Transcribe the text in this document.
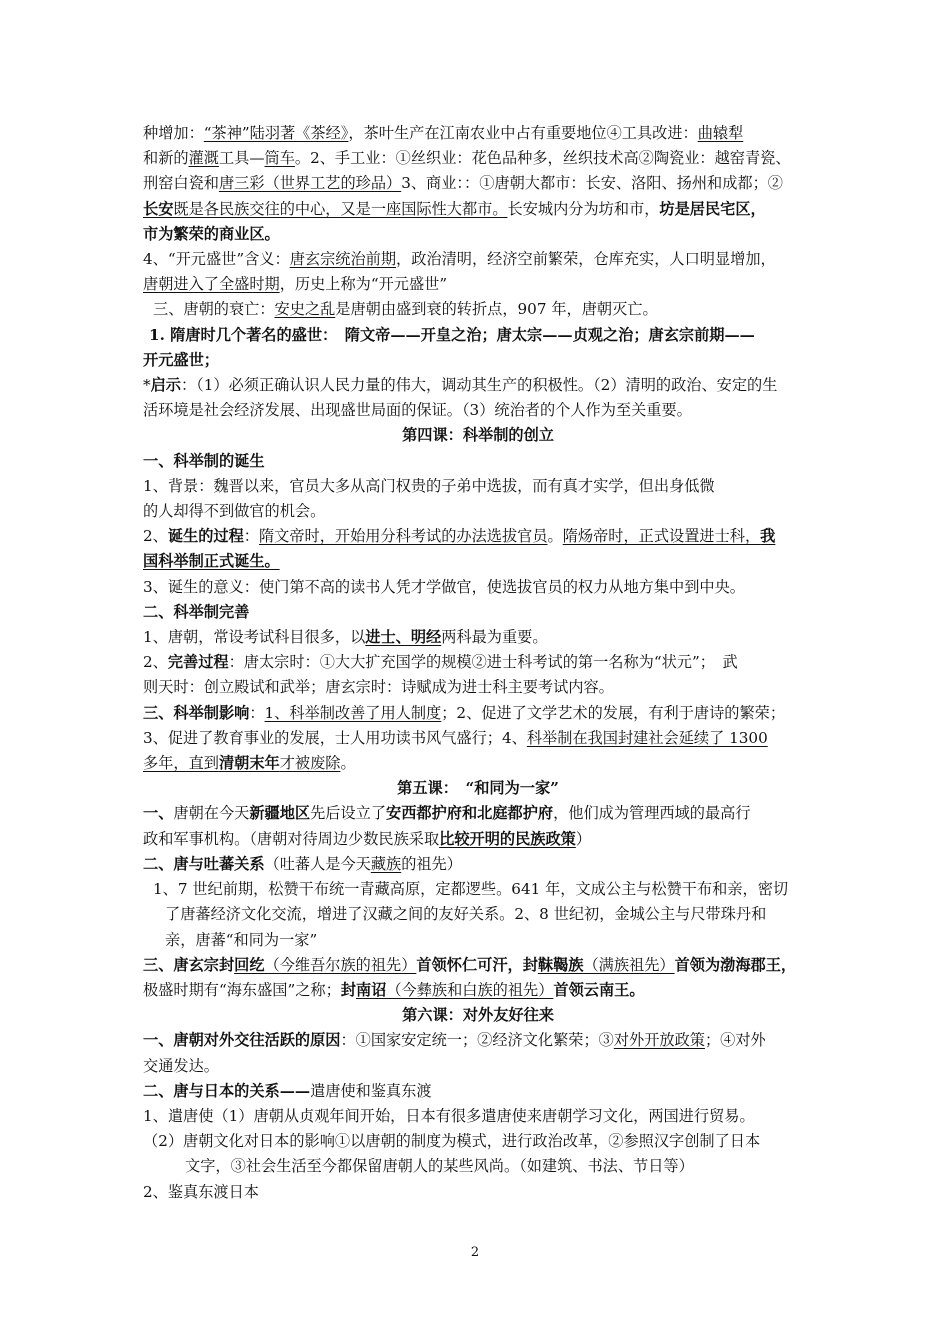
种增加：“茶神”陆羽著《茶经》，茶叶生产在江南农业中占有重要地位④工具改进：曲辕犁
和新的灌溉工具—筒车。2、手工业：①丝织业：花色品种多，丝织技术高②陶瓷业：越窑青瓷、
刑窑白瓷和唐三彩（世界工艺的珍品）3、商业：：①唐朝大都市：长安、洛阳、扬州和成都；②
长安既是各民族交往的中心，又是一座国际性大都市。长安城内分为坊和市，坊是居民宅区，
市为繁荣的商业区。
4、“开元盛世”含义：唐玄宗统治前期，政治清明，经济空前繁荣，仓库充实，人口明显增加，
唐朝进入了全盛时期，历史上称为“开元盛世”
三、唐朝的衰亡：安史之乱是唐朝由盛到衰的转折点，907 年，唐朝灭亡。
1. 隋唐时几个著名的盛世：　隋文帝——开皇之治；唐太宗——贞观之治；唐玄宗前期——
开元盛世；
*启示：（1）必须正确认识人民力量的伟大，调动其生产的积极性。（2）清明的政治、安定的生
活环境是社会经济发展、出现盛世局面的保证。（3）统治者的个人作为至关重要。
第四课：科举制的创立
一、科举制的诞生
1、背景：魏晋以来，官员大多从高门权贵的子弟中选拔，而有真才实学，但出身低微
的人却得不到做官的机会。
2、诞生的过程：隋文帝时，开始用分科考试的办法选拔官员。隋炀帝时，正式设置进士科，我
国科举制正式诞生。
3、诞生的意义：使门第不高的读书人凭才学做官，使选拔官员的权力从地方集中到中央。
二、科举制完善
1、唐朝，常设考试科目很多，以进士、明经两科最为重要。
2、完善过程：唐太宗时：①大大扩充国学的规模②进士科考试的第一名称为“状元”；　武
则天时：创立殿试和武举；唐玄宗时：诗赋成为进士科主要考试内容。
三、科举制影响：1、科举制改善了用人制度；2、促进了文学艺术的发展，有利于唐诗的繁荣；
3、促进了教育事业的发展，士人用功读书风气盛行；4、科举制在我国封建社会延续了 1300
多年，直到清朝末年才被废除。
第五课：　“和同为一家”
一、唐朝在今天新疆地区先后设立了安西都护府和北庭都护府，他们成为管理西域的最高行
政和军事机构。（唐朝对待周边少数民族采取比较开明的民族政策）
二、唐与吐蕃关系（吐蕃人是今天藏族的祖先）
1、7 世纪前期，松赞干布统一青藏高原，定都逻些。641 年，文成公主与松赞干布和亲，密切
了唐蕃经济文化交流，增进了汉藏之间的友好关系。2、8 世纪初，金城公主与尺带珠丹和
亲，唐蕃“和同为一家”
三、唐玄宗封回纥（今维吾尔族的祖先）首领怀仁可汗，封靺鞨族（满族祖先）首领为渤海郡王，
极盛时期有“海东盛国”之称；封南诏（今彝族和白族的祖先）首领云南王。
第六课：对外友好往来
一、唐朝对外交往活跃的原因：①国家安定统一；②经济文化繁荣；③对外开放政策；④对外
交通发达。
二、唐与日本的关系——遣唐使和鉴真东渡
1、遣唐使（1）唐朝从贞观年间开始，日本有很多遣唐使来唐朝学习文化，两国进行贸易。
（2）唐朝文化对日本的影响①以唐朝的制度为模式，进行政治改革，②参照汉字创制了日本
文字，③社会生活至今都保留唐朝人的某些风尚。（如建筑、书法、节日等）
2、鉴真东渡日本
2
